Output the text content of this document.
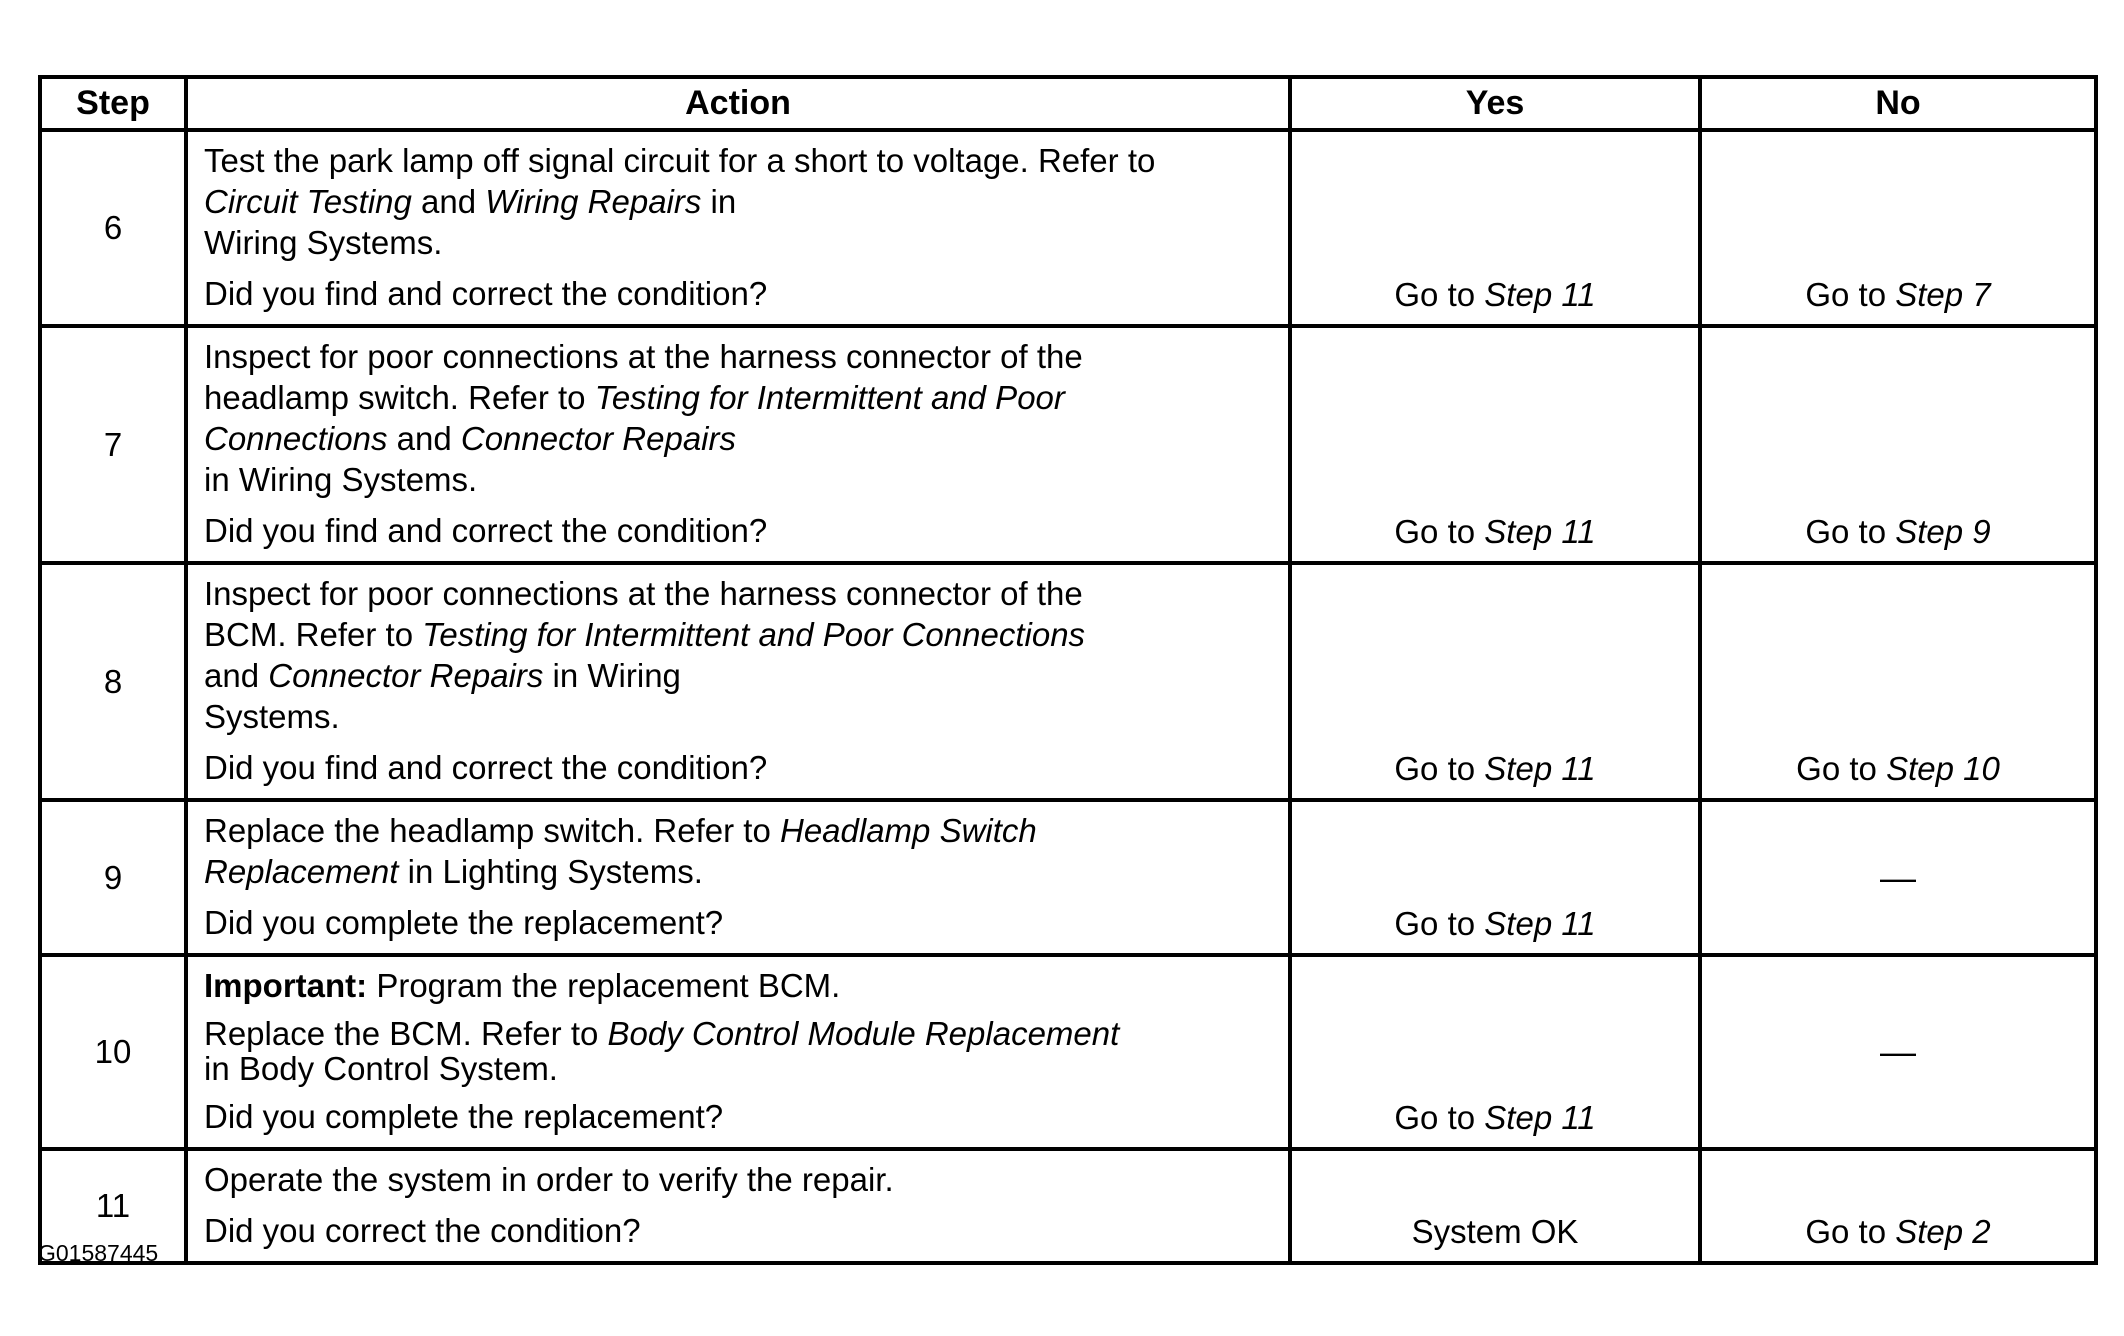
Step	Action	Yes	No
6	Test the park lamp off signal circuit for a short to voltage. Refer to
Circuit Testing and Wiring Repairs in
Wiring Systems.

Did you find and correct the condition?	Go to Step 11	Go to Step 7
7	Inspect for poor connections at the harness connector of the
headlamp switch. Refer to Testing for Intermittent and Poor
Connections and Connector Repairs
in Wiring Systems.

Did you find and correct the condition?	Go to Step 11	Go to Step 9
8	Inspect for poor connections at the harness connector of the
BCM. Refer to Testing for Intermittent and Poor Connections
and Connector Repairs in Wiring
Systems.

Did you find and correct the condition?	Go to Step 11	Go to Step 10
9	Replace the headlamp switch. Refer to Headlamp Switch
Replacement in Lighting Systems.

Did you complete the replacement?	Go to Step 11	—
10	Important: Program the replacement BCM.

Replace the BCM. Refer to Body Control Module Replacement
in Body Control System.

Did you complete the replacement?	Go to Step 11	—
11	Operate the system in order to verify the repair.

Did you correct the condition?	System OK	Go to Step 2
G01587445
